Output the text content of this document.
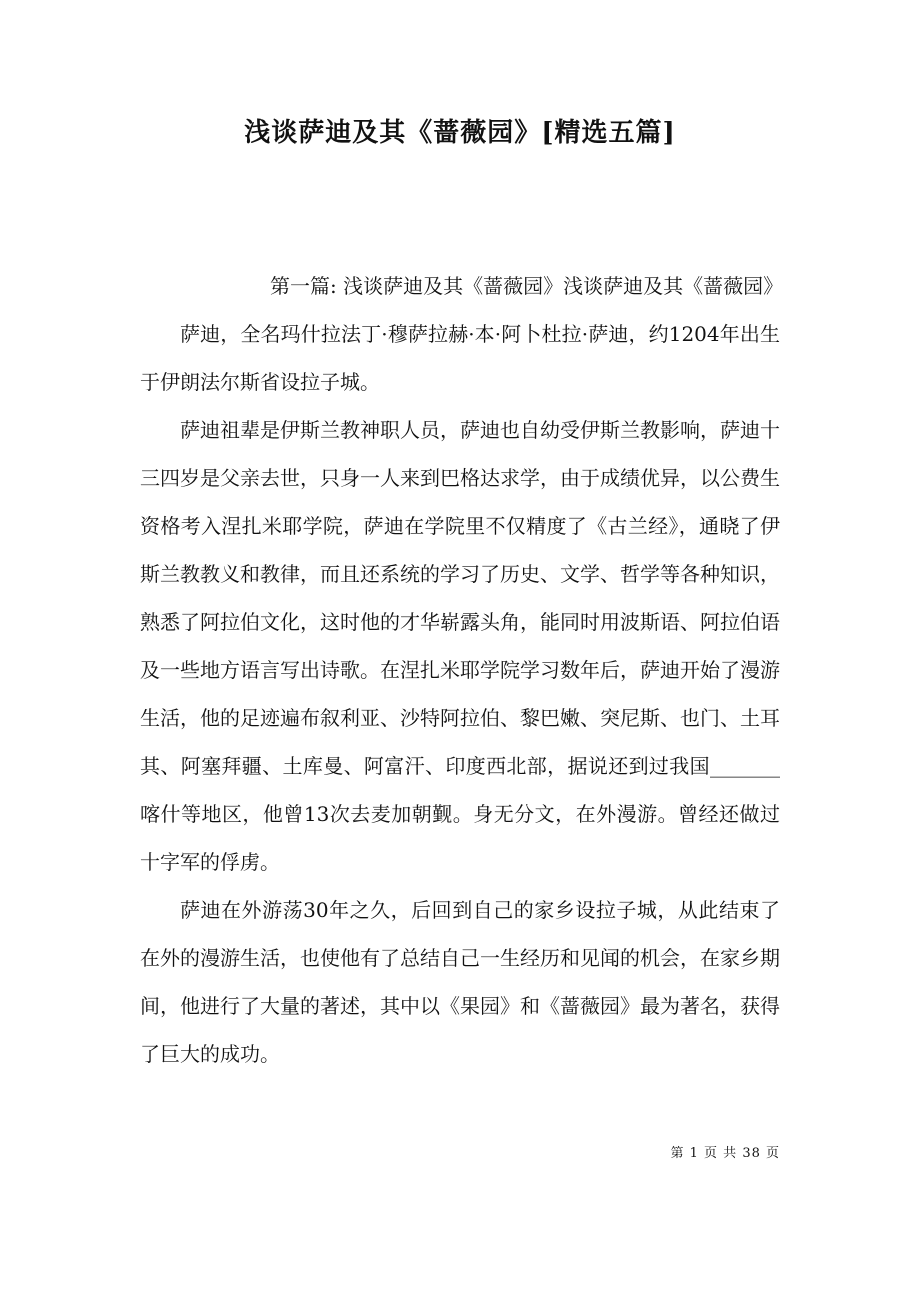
浅谈萨迪及其《蔷薇园》[精选五篇]

第一篇: 浅谈萨迪及其《蔷薇园》浅谈萨迪及其《蔷薇园》

萨迪，全名玛什拉法丁·穆萨拉赫·本·阿卜杜拉·萨迪，约1204年出生于伊朗法尔斯省设拉子城。

萨迪祖辈是伊斯兰教神职人员，萨迪也自幼受伊斯兰教影响，萨迪十三四岁是父亲去世，只身一人来到巴格达求学，由于成绩优异，以公费生资格考入涅扎米耶学院，萨迪在学院里不仅精度了《古兰经》，通晓了伊斯兰教教义和教律，而且还系统的学习了历史、文学、哲学等各种知识，熟悉了阿拉伯文化，这时他的才华崭露头角，能同时用波斯语、阿拉伯语及一些地方语言写出诗歌。在涅扎米耶学院学习数年后，萨迪开始了漫游生活，他的足迹遍布叙利亚、沙特阿拉伯、黎巴嫩、突尼斯、也门、土耳其、阿塞拜疆、土库曼、阿富汗、印度西北部，据说还到过我国_______喀什等地区，他曾13次去麦加朝觐。身无分文，在外漫游。曾经还做过十字军的俘虏。

萨迪在外游荡30年之久，后回到自己的家乡设拉子城，从此结束了在外的漫游生活，也使他有了总结自己一生经历和见闻的机会，在家乡期间，他进行了大量的著述，其中以《果园》和《蔷薇园》最为著名，获得了巨大的成功。

第 1 页 共 38 页
